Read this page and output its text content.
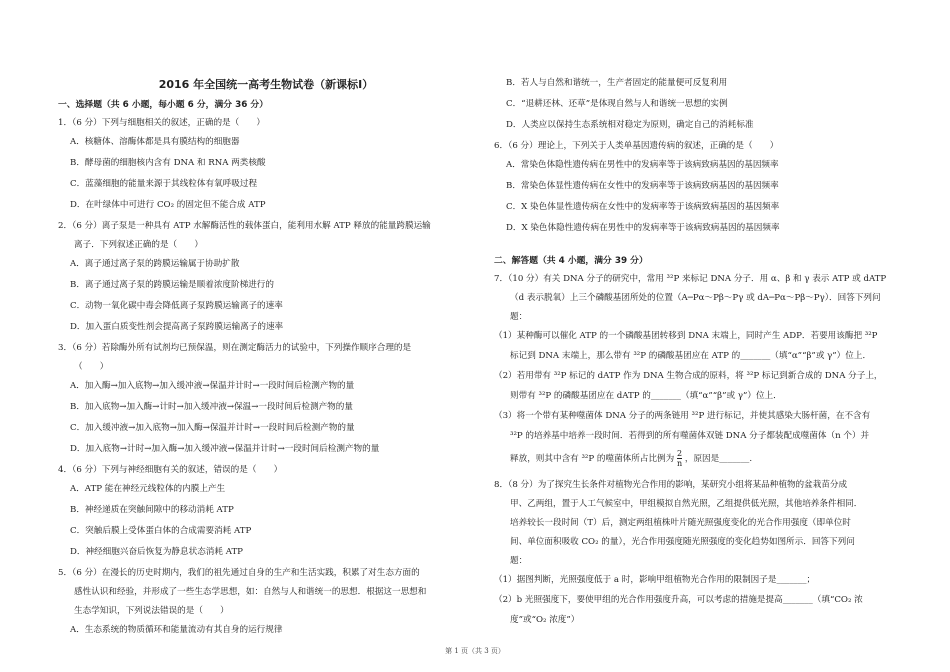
2016 年全国统一高考生物试卷（新课标Ⅰ）
一、选择题（共 6 小题，每小题 6 分，满分 36 分）
1．（6 分）下列与细胞相关的叙述，正确的是（　　）
A．核糖体、溶酶体都是具有膜结构的细胞器
B．酵母菌的细胞核内含有 DNA 和 RNA 两类核酸
C．蓝藻细胞的能量来源于其线粒体有氧呼吸过程
D．在叶绿体中可进行 CO₂ 的固定但不能合成 ATP
2．（6 分）离子泵是一种具有 ATP 水解酶活性的载体蛋白，能利用水解 ATP 释放的能量跨膜运输
离子．下列叙述正确的是（　　）
A．离子通过离子泵的跨膜运输属于协助扩散
B．离子通过离子泵的跨膜运输是顺着浓度阶梯进行的
C．动物一氧化碳中毒会降低离子泵跨膜运输离子的速率
D．加入蛋白质变性剂会提高离子泵跨膜运输离子的速率
3．（6 分）若除酶外所有试剂均已预保温，则在测定酶活力的试验中，下列操作顺序合理的是
（　　）
A．加入酶→加入底物→加入缓冲液→保温并计时→一段时间后检测产物的量
B．加入底物→加入酶→计时→加入缓冲液→保温→一段时间后检测产物的量
C．加入缓冲液→加入底物→加入酶→保温并计时→一段时间后检测产物的量
D．加入底物→计时→加入酶→加入缓冲液→保温并计时→一段时间后检测产物的量
4．（6 分）下列与神经细胞有关的叙述，错误的是（　　）
A．ATP 能在神经元线粒体的内膜上产生
B．神经递质在突触间隙中的移动消耗 ATP
C．突触后膜上受体蛋白体的合成需要消耗 ATP
D．神经细胞兴奋后恢复为静息状态消耗 ATP
5．（6 分）在漫长的历史时期内，我们的祖先通过自身的生产和生活实践，积累了对生态方面的
感性认识和经验，并形成了一些生态学思想，如：自然与人和谐统一的思想．根据这一思想和
生态学知识，下列说法错误的是（　　）
A．生态系统的物质循环和能量流动有其自身的运行规律
B．若人与自然和谐统一，生产者固定的能量便可反复利用
C．“退耕还林、还草”是体现自然与人和谐统一思想的实例
D．人类应以保持生态系统相对稳定为原则，确定自己的消耗标准
6．（6 分）理论上，下列关于人类单基因遗传病的叙述，正确的是（　　）
A．常染色体隐性遗传病在男性中的发病率等于该病致病基因的基因频率
B．常染色体显性遗传病在女性中的发病率等于该病致病基因的基因频率
C．X 染色体显性遗传病在女性中的发病率等于该病致病基因的基因频率
D．X 染色体隐性遗传病在男性中的发病率等于该病致病基因的基因频率
二、解答题（共 4 小题，满分 39 分）
7．（10 分）有关 DNA 分子的研究中，常用 ³²P 来标记 DNA 分子．用 α、β 和 γ 表示 ATP 或 dATP
（d 表示脱氧）上三个磷酸基团所处的位置（A─Pα～Pβ～Pγ 或 dA─Pα～Pβ～Pγ）．回答下列问
题：
（1）某种酶可以催化 ATP 的一个磷酸基团转移到 DNA 末端上，同时产生 ADP．若要用该酶把 ³²P
标记到 DNA 末端上，那么带有 ³²P 的磷酸基团应在 ATP 的_______（填“α”“β”或 γ”）位上．
（2）若用带有 ³²P 标记的 dATP 作为 DNA 生物合成的原料，将 ³²P 标记到新合成的 DNA 分子上，
则带有 ³²P 的磷酸基团应在 dATP 的_______（填“α”“β”或 γ”）位上．
（3）将一个带有某种噬菌体 DNA 分子的两条链用 ³²P 进行标记，并使其感染大肠杆菌，在不含有
³²P 的培养基中培养一段时间．若得到的所有噬菌体双链 DNA 分子都装配成噬菌体（n 个）并
释放，则其中含有 ³²P 的噬菌体所占比例为 $\frac{2}{n}$ ，原因是_______.
8．（8 分）为了探究生长条件对植物光合作用的影响，某研究小组将某品种植物的盆栽苗分成
甲、乙两组，置于人工气候室中，甲组模拟自然光照，乙组提供低光照，其他培养条件相同．
培养较长一段时间（T）后，测定两组植株叶片随光照强度变化的光合作用强度（即单位时
间、单位面积吸收 CO₂ 的量），光合作用强度随光照强度的变化趋势如图所示．回答下列问
题：
（1）据图判断，光照强度低于 a 时，影响甲组植物光合作用的限制因子是_______；
（2）b 光照强度下，要使甲组的光合作用强度升高，可以考虑的措施是提高_______（填“CO₂ 浓
度”或“O₂ 浓度”）
第 1 页（共 3 页）
